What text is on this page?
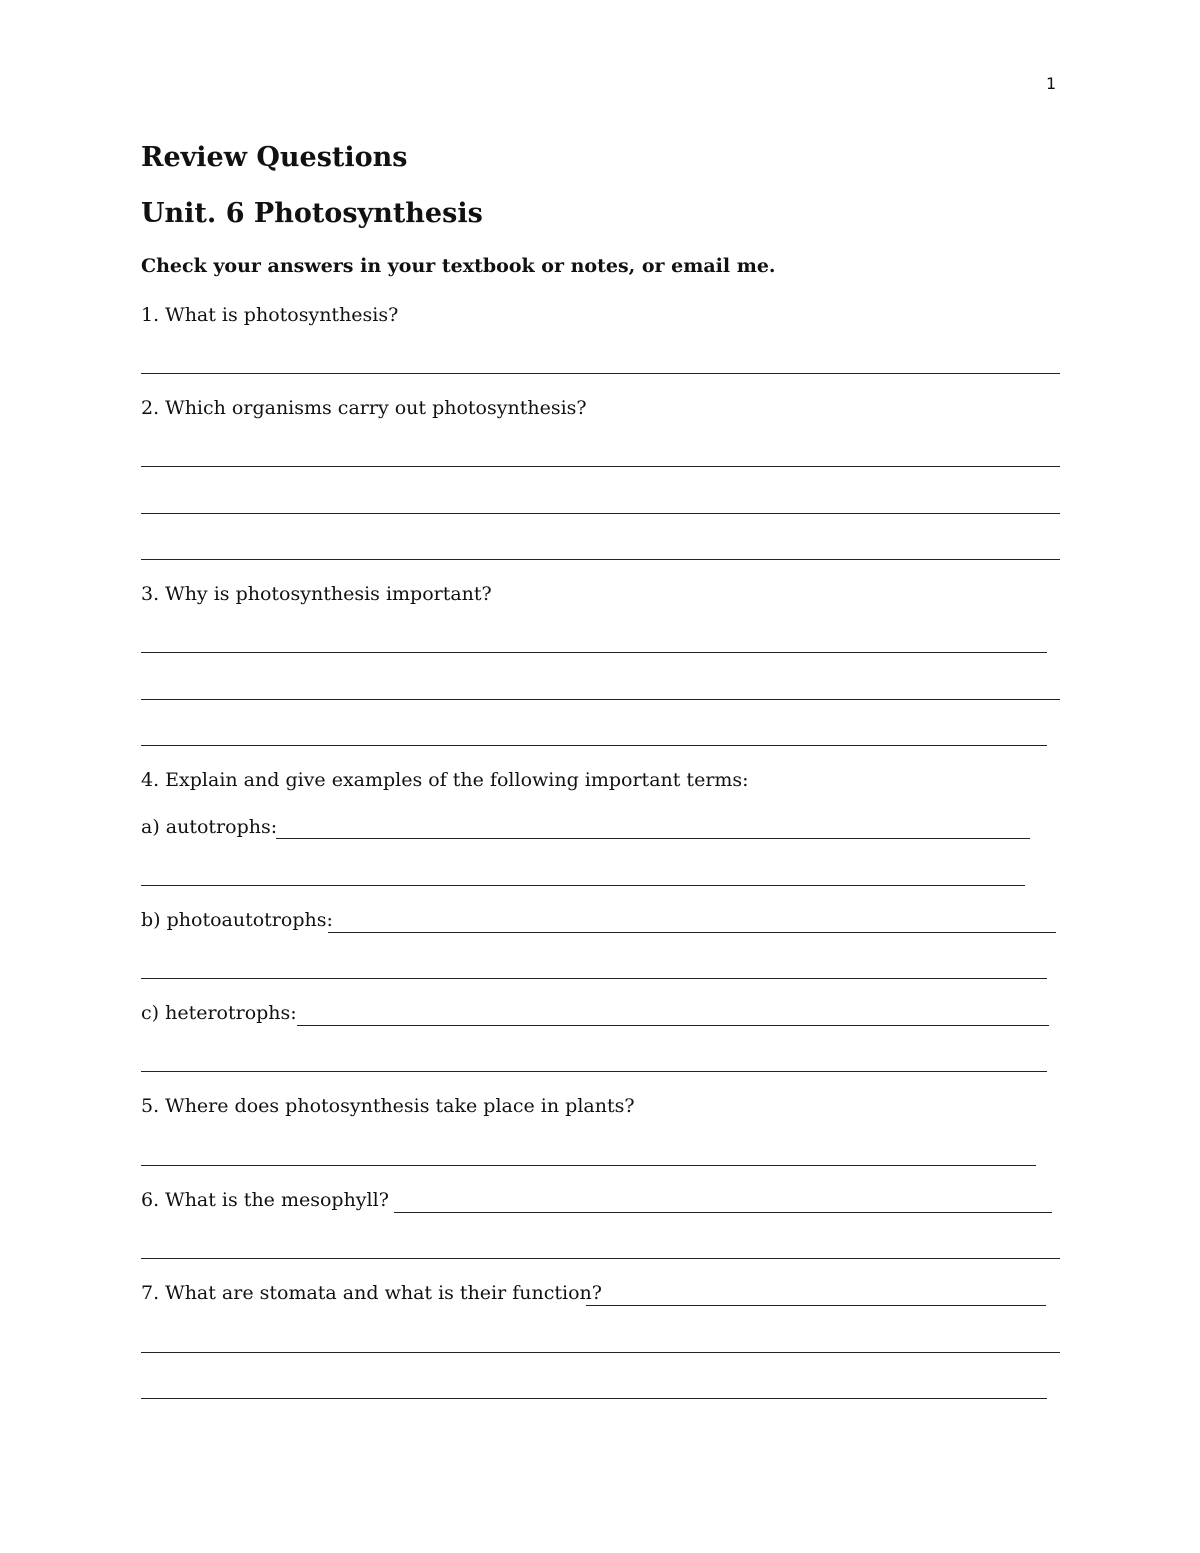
1
Review Questions
Unit. 6 Photosynthesis
Check your answers in your textbook or notes, or email me.
1. What is photosynthesis?
2. Which organisms carry out photosynthesis?
3. Why is photosynthesis important?
4. Explain and give examples of the following important terms:
a) autotrophs:
b) photoautotrophs:
c) heterotrophs:
5. Where does photosynthesis take place in plants?
6. What is the mesophyll?
7. What are stomata and what is their function?
